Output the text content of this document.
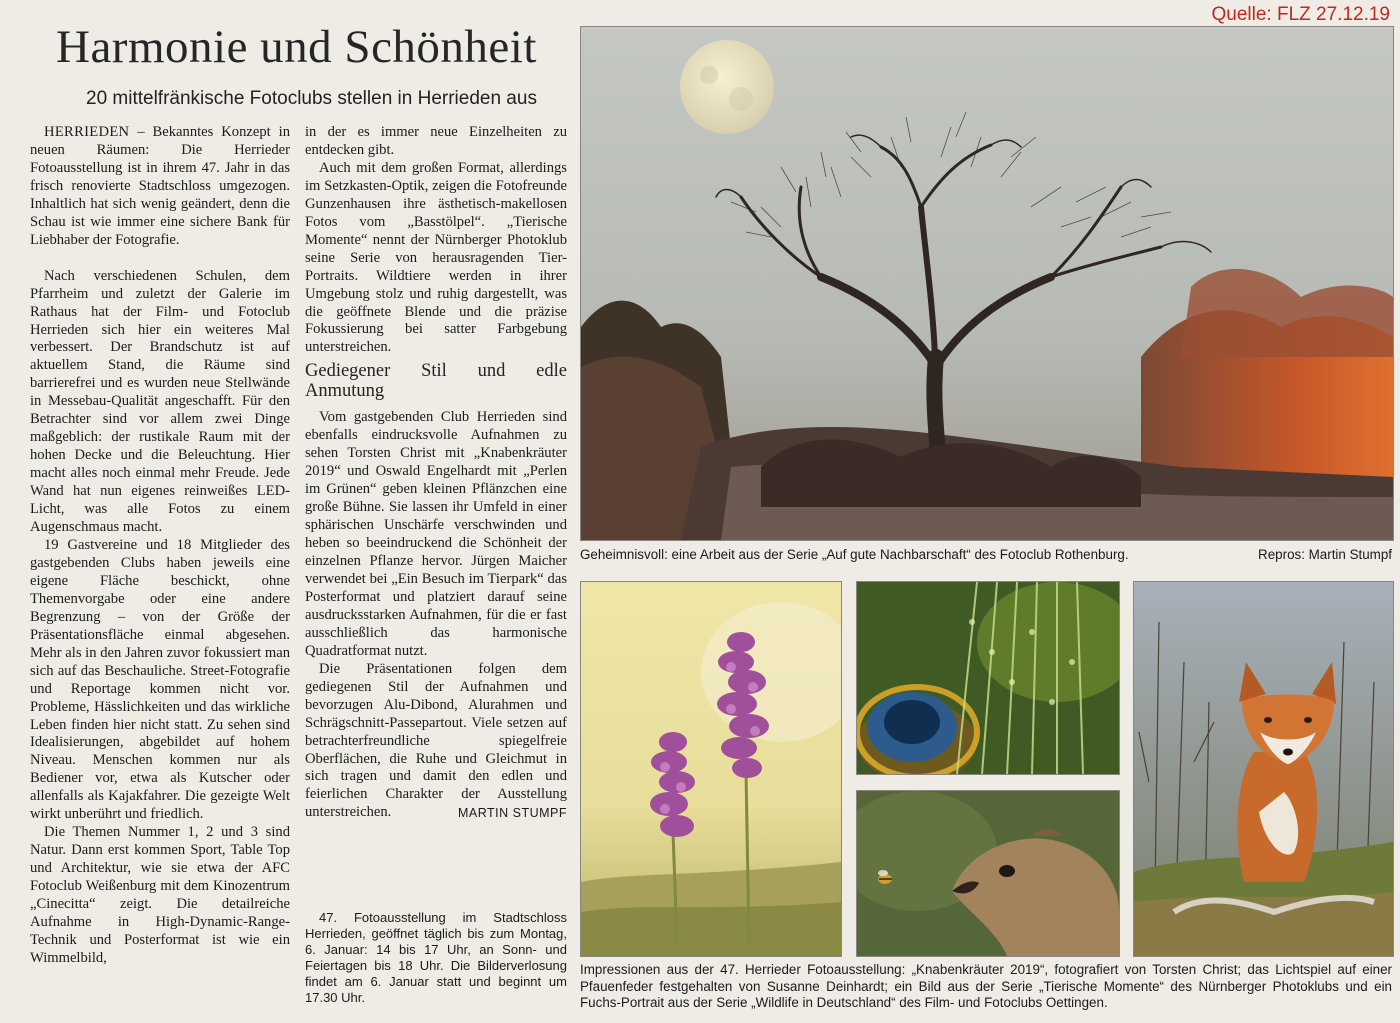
Quelle: FLZ 27.12.19
Harmonie und Schönheit
20 mittelfränkische Fotoclubs stellen in Herrieden aus

HERRIEDEN – Bekanntes Konzept in neuen Räumen: Die Herrieder Fotoausstellung ist in ihrem 47. Jahr in das frisch renovierte Stadtschloss umgezogen. Inhaltlich hat sich wenig geändert, denn die Schau ist wie immer eine sichere Bank für Liebhaber der Fotografie.

Nach verschiedenen Schulen, dem Pfarrheim und zuletzt der Galerie im Rathaus hat der Film- und Fotoclub Herrieden sich hier ein weiteres Mal verbessert. Der Brandschutz ist auf aktuellem Stand, die Räume sind barrierefrei und es wurden neue Stellwände in Messebau-Qualität angeschafft. Für den Betrachter sind vor allem zwei Dinge maßgeblich: der rustikale Raum mit der hohen Decke und die Beleuchtung. Hier macht alles noch einmal mehr Freude. Jede Wand hat nun eigenes reinweißes LED-Licht, was alle Fotos zu einem Augenschmaus macht.

19 Gastvereine und 18 Mitglieder des gastgebenden Clubs haben jeweils eine eigene Fläche beschickt, ohne Themenvorgabe oder eine andere Begrenzung – von der Größe der Präsentationsfläche einmal abgesehen. Mehr als in den Jahren zuvor fokussiert man sich auf das Beschauliche. Street-Fotografie und Reportage kommen nicht vor. Probleme, Hässlichkeiten und das wirkliche Leben finden hier nicht statt. Zu sehen sind Idealisierungen, abgebildet auf hohem Niveau. Menschen kommen nur als Bediener vor, etwa als Kutscher oder allenfalls als Kajakfahrer. Die gezeigte Welt wirkt unberührt und friedlich.

Die Themen Nummer 1, 2 und 3 sind Natur. Dann erst kommen Sport, Table Top und Architektur, wie sie etwa der AFC Fotoclub Weißenburg mit dem Kinozentrum „Cinecitta“ zeigt. Die detailreiche Aufnahme in High-Dynamic-Range-Technik und Posterformat ist wie ein Wimmelbild,

in der es immer neue Einzelheiten zu entdecken gibt.

Auch mit dem großen Format, allerdings im Setzkasten-Optik, zeigen die Fotofreunde Gunzenhausen ihre ästhetisch-makellosen Fotos vom „Basstölpel“. „Tierische Momente“ nennt der Nürnberger Photoklub seine Serie von herausragenden Tier-Portraits. Wildtiere werden in ihrer Umgebung stolz und ruhig dargestellt, was die geöffnete Blende und die präzise Fokussierung bei satter Farbgebung unterstreichen.

Gediegener Stil und edle Anmutung

Vom gastgebenden Club Herrieden sind ebenfalls eindrucksvolle Aufnahmen zu sehen Torsten Christ mit „Knabenkräuter 2019“ und Oswald Engelhardt mit „Perlen im Grünen“ geben kleinen Pflänzchen eine große Bühne. Sie lassen ihr Umfeld in einer sphärischen Unschärfe verschwinden und heben so beeindruckend die Schönheit der einzelnen Pflanze hervor. Jürgen Maicher verwendet bei „Ein Besuch im Tierpark“ das Posterformat und platziert darauf seine ausdrucksstarken Aufnahmen, für die er fast ausschließlich das harmonische Quadratformat nutzt.

Die Präsentationen folgen dem gediegenen Stil der Aufnahmen und bevorzugen Alu-Dibond, Alurahmen und Schrägschnitt-Passepartout. Viele setzen auf betrachterfreundliche spiegelfreie Oberflächen, die Ruhe und Gleichmut in sich tragen und damit den edlen und feierlichen Charakter der Ausstellung unterstreichen.	MARTIN STUMPF

47. Fotoausstellung im Stadtschloss Herrieden, geöffnet täglich bis zum Montag, 6. Januar: 14 bis 17 Uhr, an Sonn- und Feiertagen bis 18 Uhr. Die Bilderverlosung findet am 6. Januar statt und beginnt um 17.30 Uhr.

Geheimnisvoll: eine Arbeit aus der Serie „Auf gute Nachbarschaft“ des Fotoclub Rothenburg.	Repros: Martin Stumpf
Impressionen aus der 47. Herrieder Fotoausstellung: „Knabenkräuter 2019“, fotografiert von Torsten Christ; das Lichtspiel auf einer Pfauenfeder festgehalten von Susanne Deinhardt; ein Bild aus der Serie „Tierische Momente“ des Nürnberger Photoklubs und ein Fuchs-Portrait aus der Serie „Wildlife in Deutschland“ des Film- und Fotoclubs Oettingen.
